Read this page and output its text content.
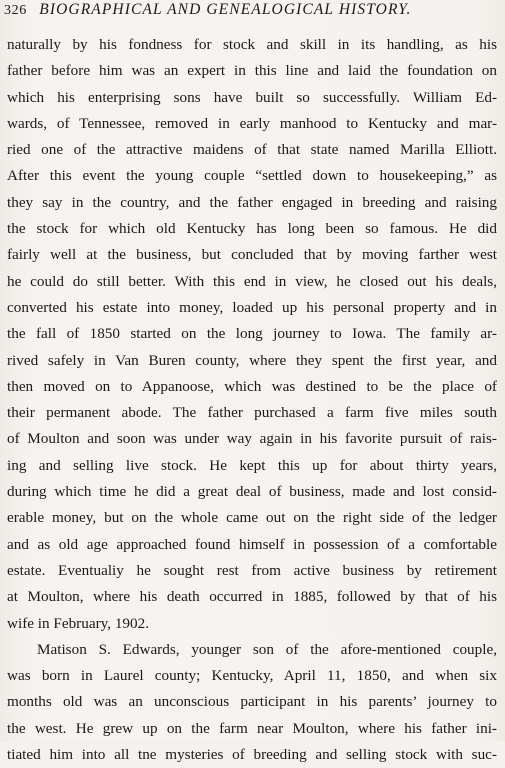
326 BIOGRAPHICAL AND GENEALOGICAL HISTORY.
naturally by his fondness for stock and skill in its handling, as his
father before him was an expert in this line and laid the foundation on
which his enterprising sons have built so successfully. William Ed-
wards, of Tennessee, removed in early manhood to Kentucky and mar-
ried one of the attractive maidens of that state named Marilla Elliott.
After this event the young couple “settled down to housekeeping,” as
they say in the country, and the father engaged in breeding and raising
the stock for which old Kentucky has long been so famous. He did
fairly well at the business, but concluded that by moving farther west
he could do still better. With this end in view, he closed out his deals,
converted his estate into money, loaded up his personal property and in
the fall of 1850 started on the long journey to Iowa. The family ar-
rived safely in Van Buren county, where they spent the first year, and
then moved on to Appanoose, which was destined to be the place of
their permanent abode. The father purchased a farm five miles south
of Moulton and soon was under way again in his favorite pursuit of rais-
ing and selling live stock. He kept this up for about thirty years,
during which time he did a great deal of business, made and lost consid-
erable money, but on the whole came out on the right side of the ledger
and as old age approached found himself in possession of a comfortable
estate. Eventualiy he sought rest from active business by retirement
at Moulton, where his death occurred in 1885, followed by that of his
wife in February, 1902.
Matison S. Edwards, younger son of the afore-mentioned couple,
was born in Laurel county; Kentucky, April 11, 1850, and when six
months old was an unconscious participant in his parents’ journey to
the west. He grew up on the farm near Moulton, where his father ini-
tiated him into all tne mysteries of breeding and selling stock with suc-
